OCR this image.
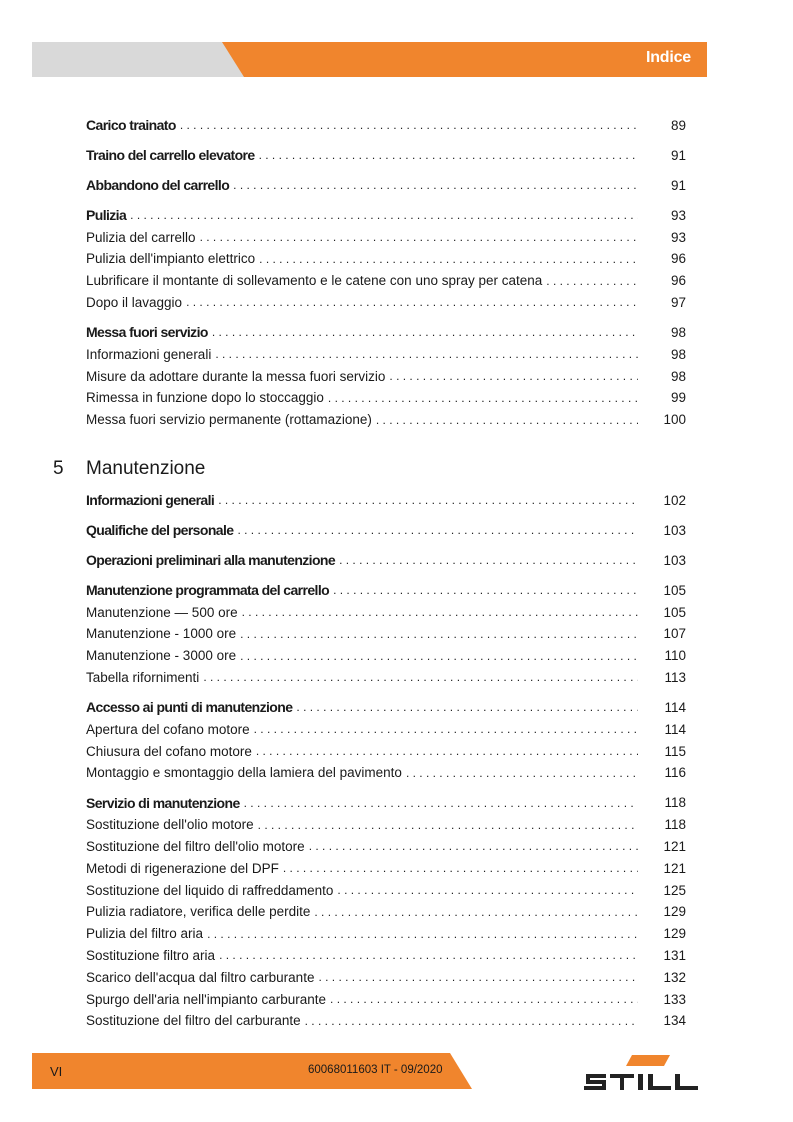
Indice
Carico trainato . . .	89
Traino del carrello elevatore . . .	91
Abbandono del carrello . . .	91
Pulizia . . .	93
Pulizia del carrello . . .	93
Pulizia dell'impianto elettrico . . .	96
Lubrificare il montante di sollevamento e le catene con uno spray per catena . . .	96
Dopo il lavaggio . . .	97
Messa fuori servizio . . .	98
Informazioni generali . . .	98
Misure da adottare durante la messa fuori servizio . . .	98
Rimessa in funzione dopo lo stoccaggio . . .	99
Messa fuori servizio permanente (rottamazione) . . .	100
Informazioni generali . . .	102
Qualifiche del personale . . .	103
Operazioni preliminari alla manutenzione . . .	103
Manutenzione programmata del carrello . . .	105
Manutenzione — 500 ore . . .	105
Manutenzione - 1000 ore . . .	107
Manutenzione - 3000 ore . . .	110
Tabella rifornimenti . . .	113
Accesso ai punti di manutenzione . . .	114
Apertura del cofano motore . . .	114
Chiusura del cofano motore . . .	115
Montaggio e smontaggio della lamiera del pavimento . . .	116
Servizio di manutenzione . . .	118
Sostituzione dell'olio motore . . .	118
Sostituzione del filtro dell'olio motore . . .	121
Metodi di rigenerazione del DPF . . .	121
Sostituzione del liquido di raffreddamento . . .	125
Pulizia radiatore, verifica delle perdite . . .	129
Pulizia del filtro aria . . .	129
Sostituzione filtro aria . . .	131
Scarico dell'acqua dal filtro carburante . . .	132
Spurgo dell'aria nell'impianto carburante . . .	133
Sostituzione del filtro del carburante . . .	134
5 Manutenzione
VI	60068011603 IT - 09/2020
